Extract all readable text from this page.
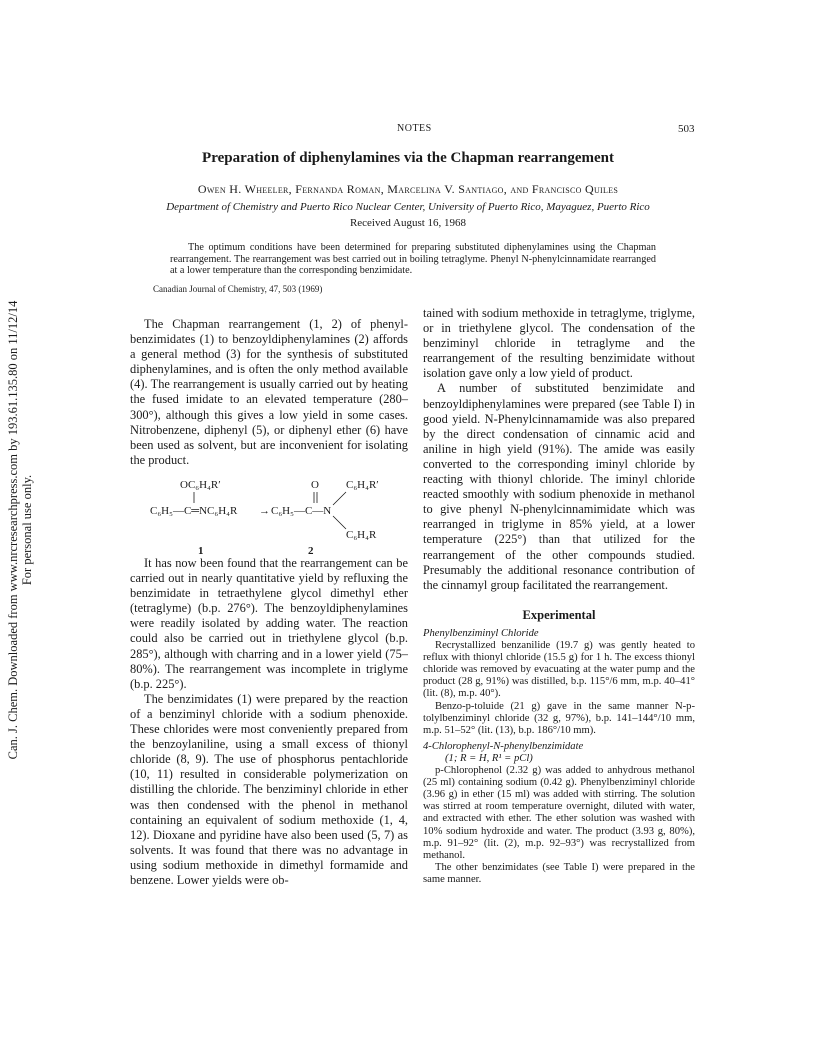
Can. J. Chem. Downloaded from www.nrcresearchpress.com by 193.61.135.80 on 11/12/14 For personal use only.
NOTES	503
Preparation of diphenylamines via the Chapman rearrangement
Owen H. Wheeler, Fernanda Roman, Marcelina V. Santiago, and Francisco Quiles
Department of Chemistry and Puerto Rico Nuclear Center, University of Puerto Rico, Mayaguez, Puerto Rico
Received August 16, 1968
The optimum conditions have been determined for preparing substituted diphenylamines using the Chapman rearrangement. The rearrangement was best carried out in boiling tetraglyme. Phenyl N-phenylcinnamidate rearranged at a lower temperature than the corresponding benzimidate.
Canadian Journal of Chemistry, 47, 503 (1969)

The Chapman rearrangement (1, 2) of phenyl-benzimidates (1) to benzoyldiphenylamines (2) affords a general method (3) for the synthesis of substituted diphenylamines, and is often the only method available (4). The rearrangement is usually carried out by heating the fused imidate to an elevated temperature (280–300°), although this gives a low yield in some cases. Nitrobenzene, diphenyl (5), or diphenyl ether (6) have been used as solvent, but are inconvenient for isolating the product.

OC₆H₄R′
C₆H₅—C═NC₆H₄R → C₆H₅—C—N
O C₆H₄R′
C₆H₄R
1	2

It has now been found that the rearrangement can be carried out in nearly quantitative yield by refluxing the benzimidate in tetraethylene glycol dimethyl ether (tetraglyme) (b.p. 276°). The benzoyldiphenylamines were readily isolated by adding water. The reaction could also be carried out in triethylene glycol (b.p. 285°), although with charring and in a lower yield (75–80%). The rearrangement was incomplete in triglyme (b.p. 225°).

The benzimidates (1) were prepared by the reaction of a benziminyl chloride with a sodium phenoxide. These chlorides were most conveniently prepared from the benzoylaniline, using a small excess of thionyl chloride (8, 9). The use of phosphorus pentachloride (10, 11) resulted in considerable polymerization on distilling the chloride. The benziminyl chloride in ether was then condensed with the phenol in methanol containing an equivalent of sodium methoxide (1, 4, 12). Dioxane and pyridine have also been used (5, 7) as solvents. It was found that there was no advantage in using sodium methoxide in dimethyl formamide and benzene. Lower yields were ob-

tained with sodium methoxide in tetraglyme, triglyme, or in triethylene glycol. The condensation of the benziminyl chloride in tetraglyme and the rearrangement of the resulting benzimidate without isolation gave only a low yield of product.

A number of substituted benzimidate and benzoyldiphenylamines were prepared (see Table I) in good yield. N-Phenylcinnamamide was also prepared by the direct condensation of cinnamic acid and aniline in high yield (91%). The amide was easily converted to the corresponding iminyl chloride by reacting with thionyl chloride. The iminyl chloride reacted smoothly with sodium phenoxide in methanol to give phenyl N-phenylcinnamimidate which was rearranged in triglyme in 85% yield, at a lower temperature (225°) than that utilized for the rearrangement of the other compounds studied. Presumably the additional resonance contribution of the cinnamyl group facilitated the rearrangement.

Experimental

Phenylbenziminyl Chloride

Recrystallized benzanilide (19.7 g) was gently heated to reflux with thionyl chloride (15.5 g) for 1 h. The excess thionyl chloride was removed by evacuating at the water pump and the product (28 g, 91%) was distilled, b.p. 115°/6 mm, m.p. 40–41° (lit. (8), m.p. 40°).

Benzo-p-toluide (21 g) gave in the same manner N-p-tolylbenziminyl chloride (32 g, 97%), b.p. 141–144°/10 mm, m.p. 51–52° (lit. (13), b.p. 186°/10 mm).

4-Chlorophenyl-N-phenylbenzimidate

(1; R = H, R¹ = pCl)

p-Chlorophenol (2.32 g) was added to anhydrous methanol (25 ml) containing sodium (0.42 g). Phenylbenziminyl chloride (3.96 g) in ether (15 ml) was added with stirring. The solution was stirred at room temperature overnight, diluted with water, and extracted with ether. The ether solution was washed with 10% sodium hydroxide and water. The product (3.93 g, 80%), m.p. 91–92° (lit. (2), m.p. 92–93°) was recrystallized from methanol.

The other benzimidates (see Table I) were prepared in the same manner.
